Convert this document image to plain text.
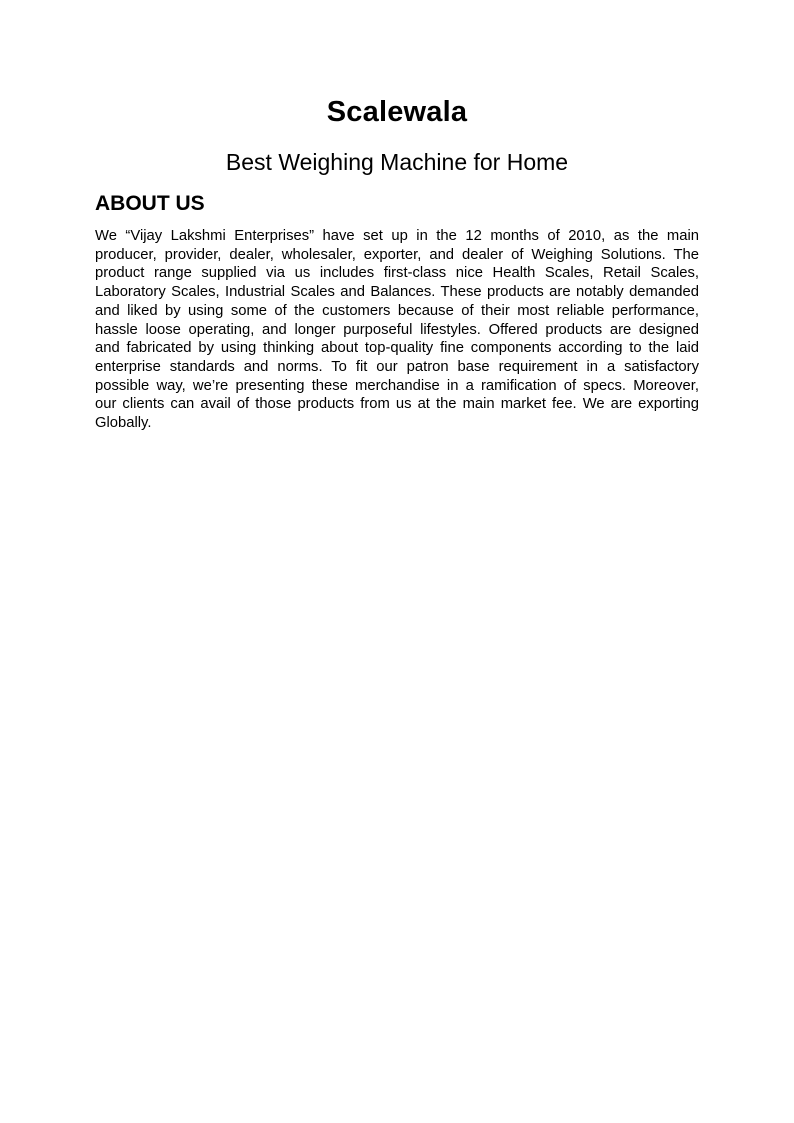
Scalewala
Best Weighing Machine for Home
ABOUT US

We “Vijay Lakshmi Enterprises” have set up in the 12 months of 2010, as the main producer, provider, dealer, wholesaler, exporter, and dealer of Weighing Solutions. The product range supplied via us includes first-class nice Health Scales, Retail Scales, Laboratory Scales, Industrial Scales and Balances. These products are notably demanded and liked by using some of the customers because of their most reliable performance, hassle loose operating, and longer purposeful lifestyles. Offered products are designed and fabricated by using thinking about top-quality fine components according to the laid enterprise standards and norms. To fit our patron base requirement in a satisfactory possible way, we’re presenting these merchandise in a ramification of specs. Moreover, our clients can avail of those products from us at the main market fee. We are exporting Globally.
